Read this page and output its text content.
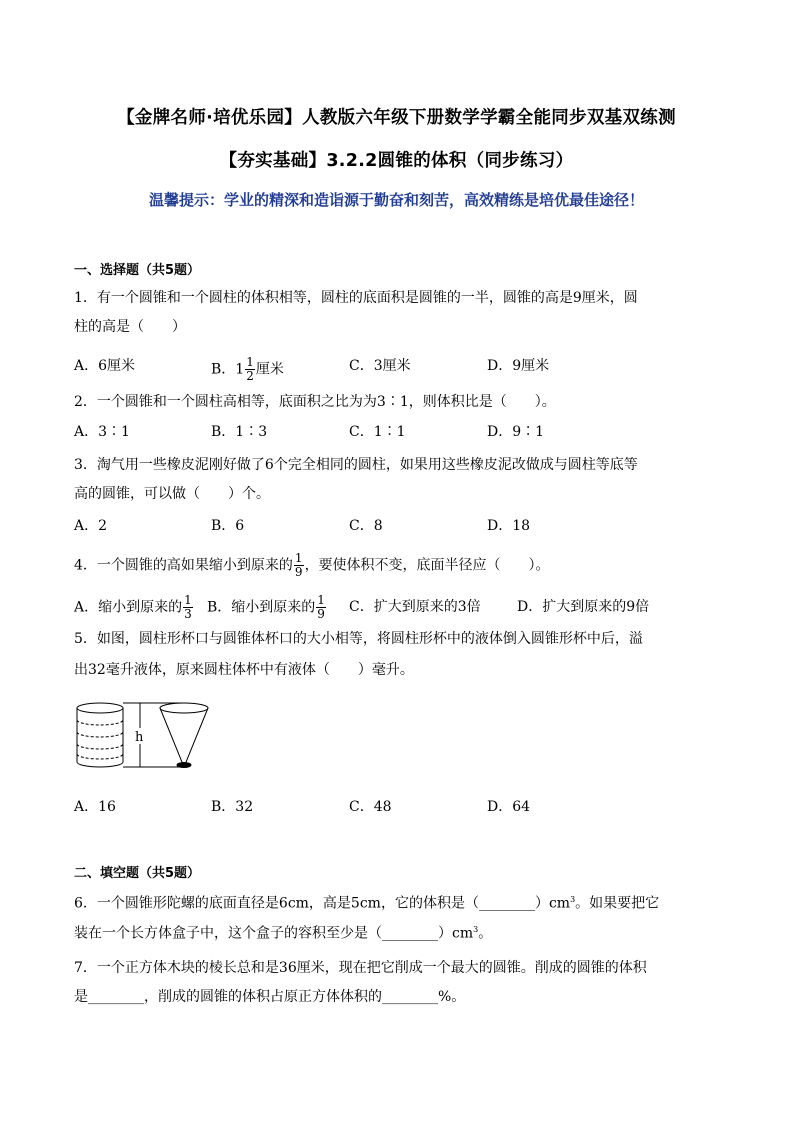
【金牌名师·培优乐园】人教版六年级下册数学学霸全能同步双基双练测
【夯实基础】3.2.2圆锥的体积（同步练习）
温馨提示：学业的精深和造诣源于勤奋和刻苦，高效精练是培优最佳途径！
一、选择题（共5题）
1．有一个圆锥和一个圆柱的体积相等，圆柱的底面积是圆锥的一半，圆锥的高是9厘米，圆
柱的高是（　　）
A．6厘米	B．$1 \frac{1}{2}$ 厘米	C．3厘米	D．9厘米
2．一个圆锥和一个圆柱高相等，底面积之比为为3∶1，则体积比是（　　）。
A．3∶1	B．1∶3	C．1∶1	D．9∶1
3．淘气用一些橡皮泥刚好做了6个完全相同的圆柱，如果用这些橡皮泥改做成与圆柱等底等
高的圆锥，可以做（　　）个。
A．2	B．6	C．8	D．18
4．一个圆锥的高如果缩小到原来的 $\frac{1}{9}$ ，要使体积不变，底面半径应（　　）。
A．缩小到原来的 $\frac{1}{3}$ B．缩小到原来的 $\frac{1}{9}$ C．扩大到原来的3倍	D．扩大到原来的9倍
5．如图，圆柱形杯口与圆锥体杯口的大小相等，将圆柱形杯中的液体倒入圆锥形杯中后，溢
出32毫升液体，原来圆柱体杯中有液体（　　）毫升。
h
A．16	B．32	C．48	D．64
二、填空题（共5题）
6．一个圆锥形陀螺的底面直径是6cm，高是5cm，它的体积是$(\_\_\_\_\_\_\_\_)cm^3$。如果要把它
装在一个长方体盒子中，这个盒子的容积至少是$(\_\_\_\_\_\_\_\_)cm^3$。
7．一个正方体木块的棱长总和是36厘米，现在把它削成一个最大的圆锥。削成的圆锥的体积
是________，削成的圆锥的体积占原正方体体积的________%。
